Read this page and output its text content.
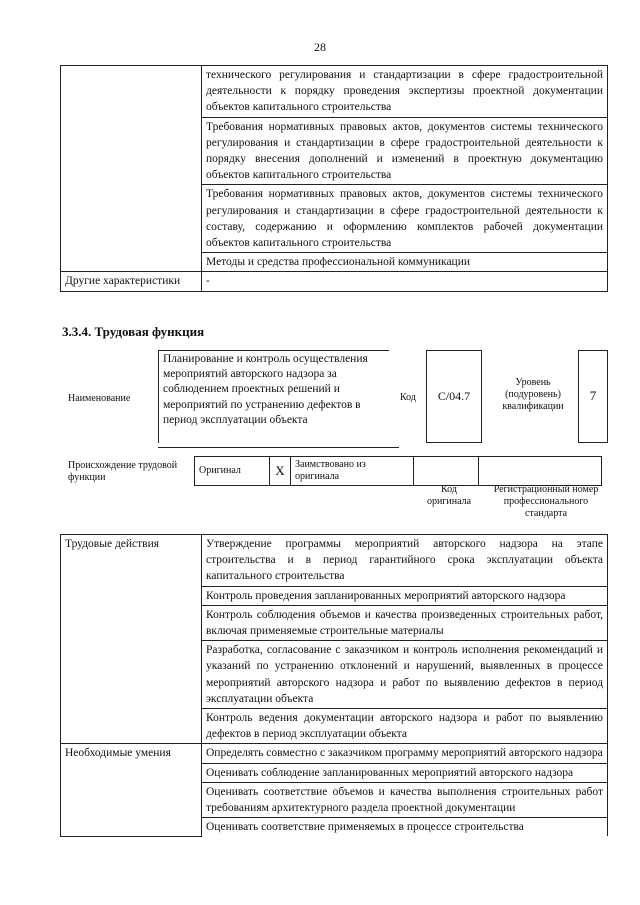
28
	технического регулирования и стандартизации в сфере градостроительной деятельности к порядку проведения экспертизы проектной документации объектов капитального строительства
	Требования нормативных правовых актов, документов системы технического регулирования и стандартизации в сфере градостроительной деятельности к порядку внесения дополнений и изменений в проектную документацию объектов капитального строительства
	Требования нормативных правовых актов, документов системы технического регулирования и стандартизации в сфере градостроительной деятельности к составу, содержанию и оформлению комплектов рабочей документации объектов капитального строительства
	Методы и средства профессиональной коммуникации
Другие характеристики	-
3.3.4. Трудовая функция
Наименование
Планирование и контроль осуществления мероприятий авторского надзора за соблюдением проектных решений и мероприятий по устранению дефектов в период эксплуатации объекта
Код	C/04.7
Уровень (подуровень) квалификации
7
Происхождение трудовой функции
Оригинал	X	Заимствовано из оригинала		
Код оригинала
Регистрационный номер профессионального стандарта
Трудовые действия	Утверждение программы мероприятий авторского надзора на этапе строительства и в период гарантийного срока эксплуатации объекта капитального строительства
	Контроль проведения запланированных мероприятий авторского надзора
	Контроль соблюдения объемов и качества произведенных строительных работ, включая применяемые строительные материалы
	Разработка, согласование с заказчиком и контроль исполнения рекомендаций и указаний по устранению отклонений и нарушений, выявленных в процессе мероприятий авторского надзора и работ по выявлению дефектов в период эксплуатации объекта
	Контроль ведения документации авторского надзора и работ по выявлению дефектов в период эксплуатации объекта
Необходимые умения	Определять совместно с заказчиком программу мероприятий авторского надзора
	Оценивать соблюдение запланированных мероприятий авторского надзора
	Оценивать соответствие объемов и качества выполнения строительных работ требованиям архитектурного раздела проектной документации
	Оценивать соответствие применяемых в процессе строительства
